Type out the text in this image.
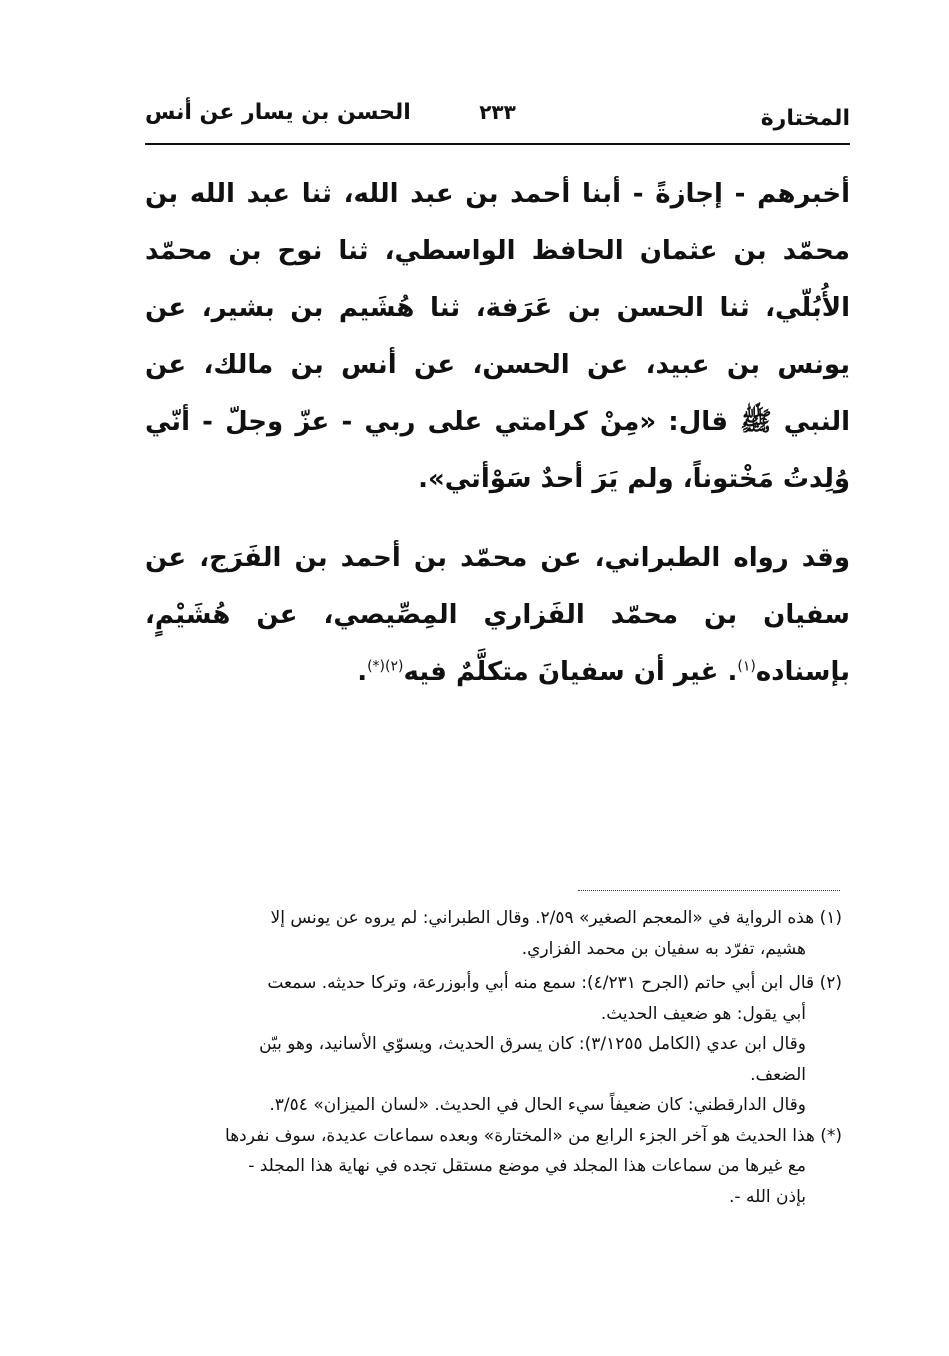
المختارة
٢٣٣
الحسن بن يسار عن أنس

أخبرهم - إجازةً - أبنا أحمد بن عبد الله، ثنا عبد الله بن محمّد بن عثمان الحافظ الواسطي، ثنا نوح بن محمّد الأُبُلّي، ثنا الحسن بن عَرَفة، ثنا هُشَيم بن بشير، عن يونس بن عبيد، عن الحسن، عن أنس بن مالك، عن النبي ﷺ قال: «مِنْ كرامتي على ربي - عزّ وجلّ - أنّي وُلِدتُ مَخْتوناً، ولم يَرَ أحدٌ سَوْأتي».

وقد رواه الطبراني، عن محمّد بن أحمد بن الفَرَج، عن سفيان بن محمّد الفَزاري المِصِّيصي، عن هُشَيْمٍ، بإسناده$^{(١)}$. غير أن سفيانَ متكلَّمٌ فيه$^{(٢)(*)}$.

(١) هذه الرواية في «المعجم الصغير» ٢/٥٩. وقال الطبراني: لم يروه عن يونس إلا

هشيم، تفرّد به سفيان بن محمد الفزاري.

(٢) قال ابن أبي حاتم (الجرح ٤/٢٣١): سمع منه أبي وأبوزرعة، وتركا حديثه. سمعت

أبي يقول: هو ضعيف الحديث.

وقال ابن عدي (الكامل ٣/١٢٥٥): كان يسرق الحديث، ويسوّي الأسانيد، وهو بيّن

الضعف.

وقال الدارقطني: كان ضعيفاً سيء الحال في الحديث. «لسان الميزان» ٣/٥٤.

(*) هذا الحديث هو آخر الجزء الرابع من «المختارة» وبعده سماعات عديدة، سوف نفردها

مع غيرها من سماعات هذا المجلد في موضع مستقل تجده في نهاية هذا المجلد -

بإذن الله -.
